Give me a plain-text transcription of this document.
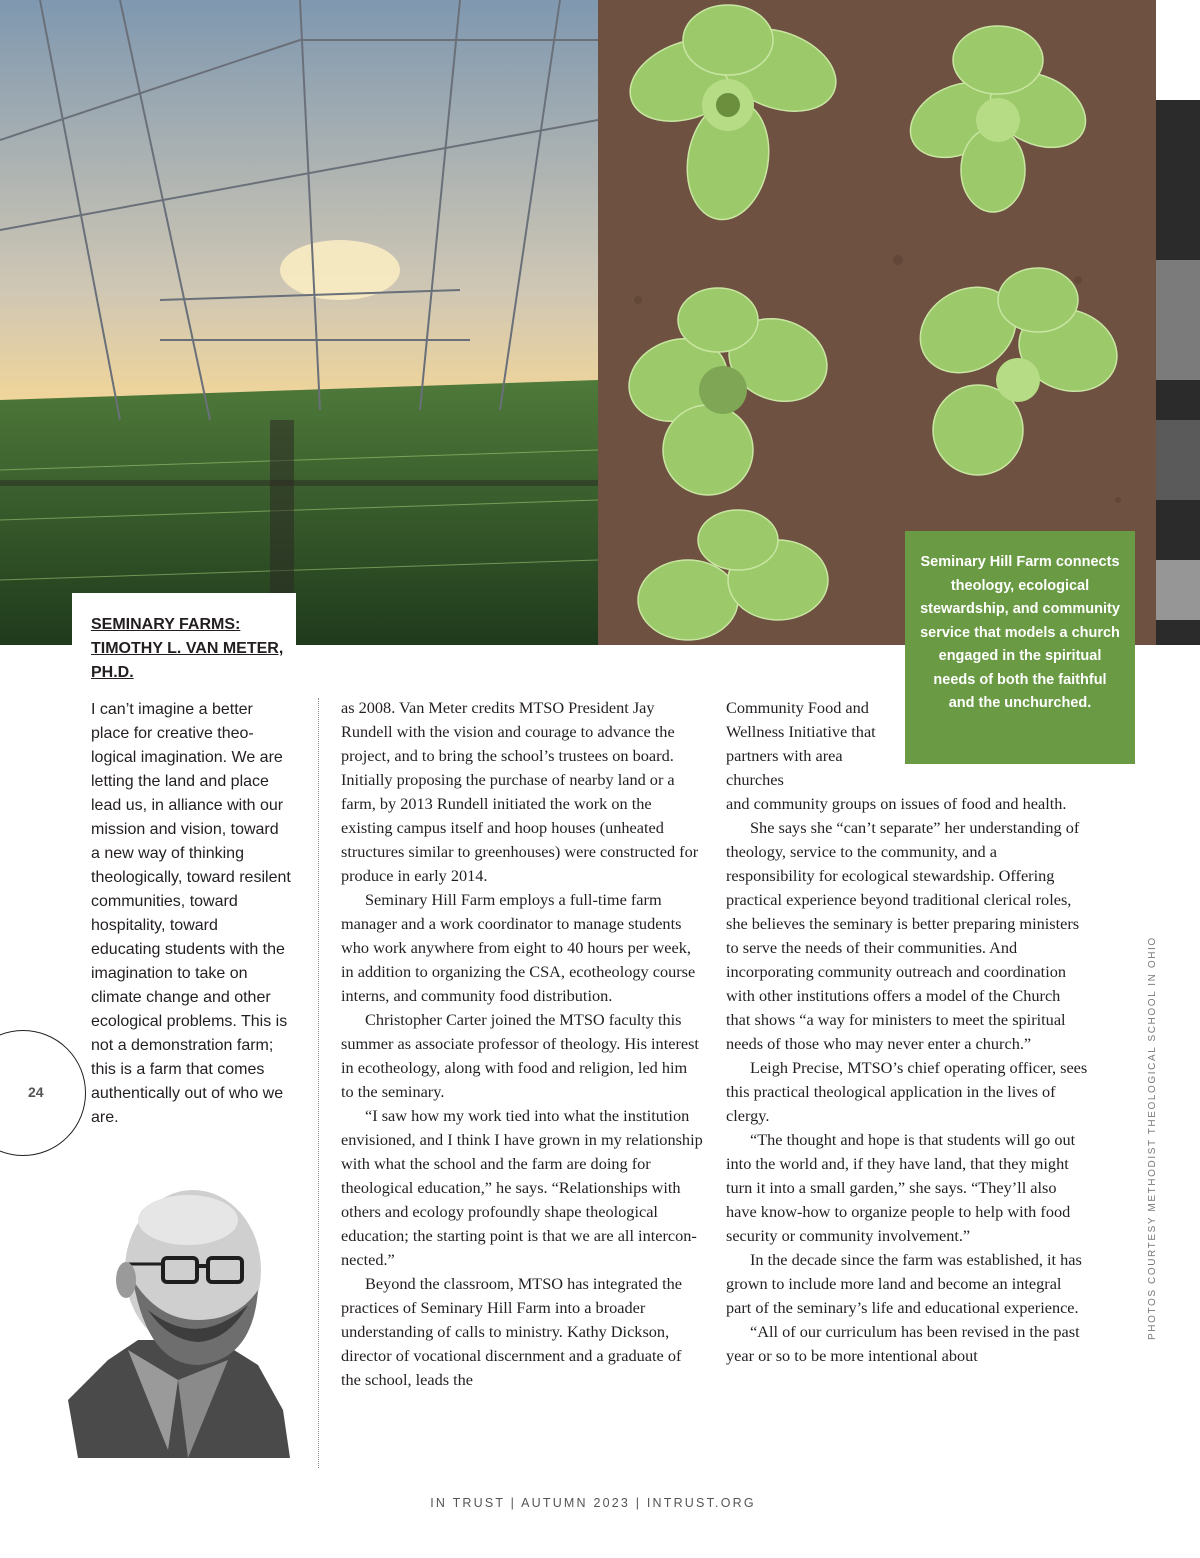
SEMINARY FARMS: TIMOTHY L. VAN METER, PH.D.

I can’t imagine a better place for creative theological imagination. We are letting the land and place lead us, in alliance with our mission and vision, toward a new way of thinking theologically, toward resilent communities, toward hospitality, toward educating students with the imagination to take on climate change and other ecological problems. This is not a demonstration farm; this is a farm that comes authentically out of who we are.

as 2008. Van Meter credits MTSO President Jay Rundell with the vision and courage to advance the project, and to bring the school’s trustees on board. Initially proposing the purchase of nearby land or a farm, by 2013 Rundell initiated the work on the existing campus itself and hoop houses (unheated structures similar to greenhouses) were constructed for produce in early 2014.

Seminary Hill Farm employs a full-time farm manager and a work coordinator to manage students who work anywhere from eight to 40 hours per week, in addition to organizing the CSA, ecotheology course interns, and community food distribution.

Christopher Carter joined the MTSO faculty this summer as associate professor of theology. His interest in ecotheology, along with food and religion, led him to the seminary.

“I saw how my work tied into what the institution envisioned, and I think I have grown in my relationship with what the school and the farm are doing for theological education,” he says. “Relationships with others and ecology profoundly shape theological education; the starting point is that we are all interconnected.”

Beyond the classroom, MTSO has integrated the practices of Seminary Hill Farm into a broader understanding of calls to ministry. Kathy Dickson, director of vocational discernment and a graduate of the school, leads the

Community Food and Wellness Initiative that partners with area churches

and community groups on issues of food and health.

She says she “can’t separate” her understanding of theology, service to the community, and a responsibility for ecological stewardship. Offering practical experience beyond traditional clerical roles, she believes the seminary is better preparing ministers to serve the needs of their communities. And incorporating community outreach and coordination with other institutions offers a model of the Church that shows “a way for ministers to meet the spiritual needs of those who may never enter a church.”

Leigh Precise, MTSO’s chief operating officer, sees this practical theological application in the lives of clergy.

“The thought and hope is that students will go out into the world and, if they have land, that they might turn it into a small garden,” she says. “They’ll also have know-how to organize people to help with food security or community involvement.”

In the decade since the farm was established, it has grown to include more land and become an integral part of the seminary’s life and educational experience.

“All of our curriculum has been revised in the past year or so to be more intentional about

Seminary Hill Farm connects theology, ecological stewardship, and community service that models a church engaged in the spiritual needs of both the faithful and the unchurched.
24	PHOTOS COURTESY METHODIST THEOLOGICAL SCHOOL IN OHIO
IN TRUST | AUTUMN 2023 | INTRUST.ORG
